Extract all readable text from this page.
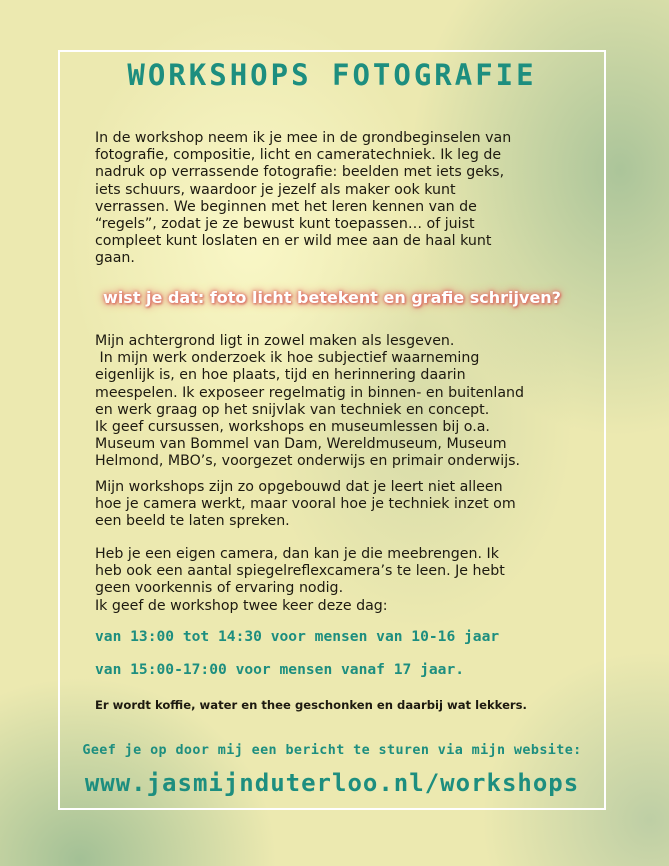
WORKSHOPS FOTOGRAFIE

In de workshop neem ik je mee in de grondbeginselen van
fotografie, compositie, licht en cameratechniek. Ik leg de
nadruk op verrassende fotografie: beelden met iets geks,
iets schuurs, waardoor je jezelf als maker ook kunt
verrassen. We beginnen met het leren kennen van de
“regels”, zodat je ze bewust kunt toepassen… of juist
compleet kunt loslaten en er wild mee aan de haal kunt
gaan.

wist je dat: foto licht betekent en grafie schrijven?

Mijn achtergrond ligt in zowel maken als lesgeven.
In mijn werk onderzoek ik hoe subjectief waarneming
eigenlijk is, en hoe plaats, tijd en herinnering daarin
meespelen. Ik exposeer regelmatig in binnen- en buitenland
en werk graag op het snijvlak van techniek en concept.
Ik geef cursussen, workshops en museumlessen bij o.a.
Museum van Bommel van Dam, Wereldmuseum, Museum
Helmond, MBO’s, voorgezet onderwijs en primair onderwijs.

Mijn workshops zijn zo opgebouwd dat je leert niet alleen
hoe je camera werkt, maar vooral hoe je techniek inzet om
een beeld te laten spreken.

Heb je een eigen camera, dan kan je die meebrengen. Ik
heb ook een aantal spiegelreflexcamera’s te leen. Je hebt
geen voorkennis of ervaring nodig.
Ik geef de workshop twee keer deze dag:

van 13:00 tot 14:30 voor mensen van 10-16 jaar
van 15:00-17:00 voor mensen vanaf 17 jaar.
Er wordt koffie, water en thee geschonken en daarbij wat lekkers.
Geef je op door mij een bericht te sturen via mijn website:
www.jasmijnduterloo.nl/workshops
